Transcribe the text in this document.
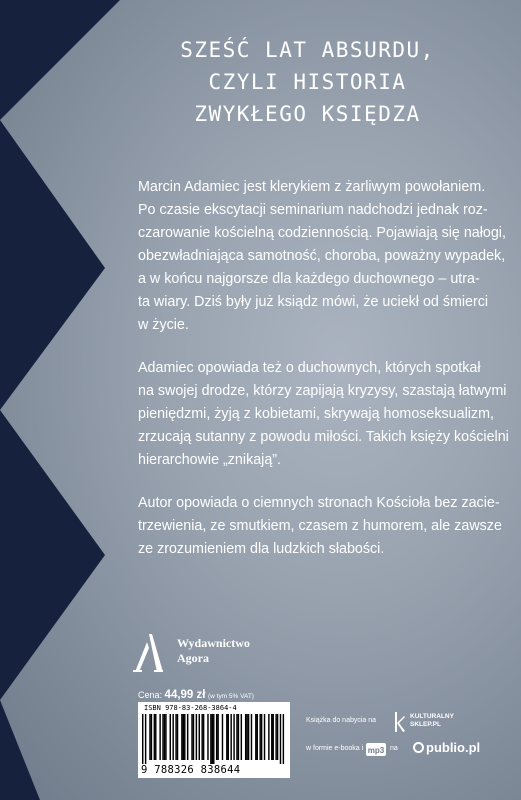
SZEŚĆ LAT ABSURDU,
CZYLI HISTORIA
ZWYKŁEGO KSIĘDZA

Marcin Adamiec jest klerykiem z żarliwym powołaniem.
Po czasie ekscytacji seminarium nadchodzi jednak roz-
czarowanie kościelną codziennością. Pojawiają się nałogi,
obezwładniająca samotność, choroba, poważny wypadek,
a w końcu najgorsze dla każdego duchownego – utra-
ta wiary. Dziś były już ksiądz mówi, że uciekł od śmierci
w życie.

Adamiec opowiada też o duchownych, których spotkał
na swojej drodze, którzy zapijają kryzysy, szastają łatwymi
pieniędzmi, żyją z kobietami, skrywają homoseksualizm,
zrzucają sutanny z powodu miłości. Takich księży kościelni
hierarchowie „znikają”.

Autor opowiada o ciemnych stronach Kościoła bez zacie-
trzewienia, ze smutkiem, czasem z humorem, ale zawsze
ze zrozumieniem dla ludzkich słabości.

Wydawnictwo
Agora
Cena: 44,99 zł (w tym 5% VAT)
ISBN 978-83-268-3864-4
9 788326 838644
Książka do nabycia na
KULTURALNY
SKLEP.PL
w formie e-booka i mp3 na	publio.pl
